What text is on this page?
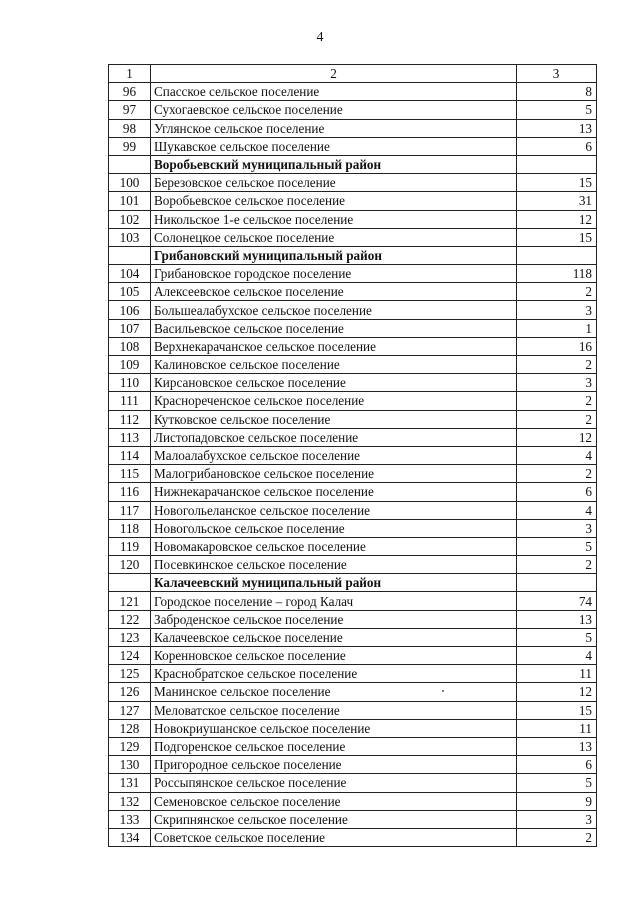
4
1	2	3
96	Спасское сельское поселение	8
97	Сухогаевское сельское поселение	5
98	Углянское сельское поселение	13
99	Шукавское сельское поселение	6
	Воробьевский муниципальный район	
100	Березовское сельское поселение	15
101	Воробьевское сельское поселение	31
102	Никольское 1-е сельское поселение	12
103	Солонецкое сельское поселение	15
	Грибановский муниципальный район	
104	Грибановское городское поселение	118
105	Алексеевское сельское поселение	2
106	Большеалабухское сельское поселение	3
107	Васильевское сельское поселение	1
108	Верхнекарачанское сельское поселение	16
109	Калиновское сельское поселение	2
110	Кирсановское сельское поселение	3
111	Краснореченское сельское поселение	2
112	Кутковское сельское поселение	2
113	Листопадовское сельское поселение	12
114	Малоалабухское сельское поселение	4
115	Малогрибановское сельское поселение	2
116	Нижнекарачанское сельское поселение	6
117	Новогольеланское сельское поселение	4
118	Новогольское сельское поселение	3
119	Новомакаровское сельское поселение	5
120	Посевкинское сельское поселение	2
	Калачеевский муниципальный район	
121	Городское поселение – город Калач	74
122	Заброденское сельское поселение	13
123	Калачеевское сельское поселение	5
124	Коренновское сельское поселение	4
125	Краснобратское сельское поселение	11
126	Манинское сельское поселение	12
127	Меловатское сельское поселение	15
128	Новокриушанское сельское поселение	11
129	Подгоренское сельское поселение	13
130	Пригородное сельское поселение	6
131	Россыпянское сельское поселение	5
132	Семеновское сельское поселение	9
133	Скрипнянское сельское поселение	3
134	Советское сельское поселение	2
